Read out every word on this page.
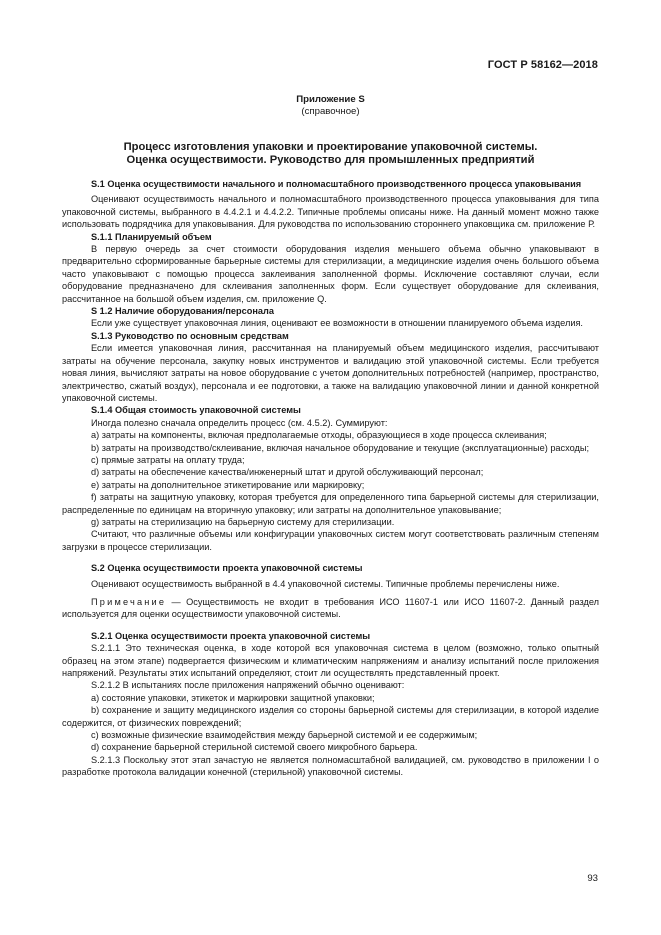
ГОСТ Р 58162—2018
Приложение S
(справочное)
Процесс изготовления упаковки и проектирование упаковочной системы.
Оценка осуществимости. Руководство для промышленных предприятий

S.1 Оценка осуществимости начального и полномасштабного производственного процесса упаковывания

Оценивают осуществимость начального и полномасштабного производственного процесса упаковывания для типа упаковочной системы, выбранного в 4.4.2.1 и 4.4.2.2. Типичные проблемы описаны ниже. На данный момент можно также использовать подрядчика для упаковывания. Для руководства по использованию стороннего упаковщика см. приложение Р.

S.1.1 Планируемый объем

В первую очередь за счет стоимости оборудования изделия меньшего объема обычно упаковывают в предварительно сформированные барьерные системы для стерилизации, а медицинские изделия очень большого объема часто упаковывают с помощью процесса заклеивания заполненной формы. Исключение составляют случаи, если оборудование предназначено для склеивания заполненных форм. Если существует оборудование для склеивания, рассчитанное на большой объем изделия, см. приложение Q.

S 1.2 Наличие оборудования/персонала

Если уже существует упаковочная линия, оценивают ее возможности в отношении планируемого объема изделия.

S.1.3 Руководство по основным средствам

Если имеется упаковочная линия, рассчитанная на планируемый объем медицинского изделия, рассчитывают затраты на обучение персонала, закупку новых инструментов и валидацию этой упаковочной системы. Если требуется новая линия, вычисляют затраты на новое оборудование с учетом дополнительных потребностей (например, пространство, электричество, сжатый воздух), персонала и ее подготовки, а также на валидацию упаковочной линии и данной конкретной упаковочной системы.

S.1.4 Общая стоимость упаковочной системы

Иногда полезно сначала определить процесс (см. 4.5.2). Суммируют:

a) затраты на компоненты, включая предполагаемые отходы, образующиеся в ходе процесса склеивания;

b) затраты на производство/склеивание, включая начальное оборудование и текущие (эксплуатационные) расходы;

c) прямые затраты на оплату труда;

d) затраты на обеспечение качества/инженерный штат и другой обслуживающий персонал;

e) затраты на дополнительное этикетирование или маркировку;

f) затраты на защитную упаковку, которая требуется для определенного типа барьерной системы для стерилизации, распределенные по единицам на вторичную упаковку; или затраты на дополнительное упаковывание;

g) затраты на стерилизацию на барьерную систему для стерилизации.

Считают, что различные объемы или конфигурации упаковочных систем могут соответствовать различным степеням загрузки в процессе стерилизации.

S.2 Оценка осуществимости проекта упаковочной системы

Оценивают осуществимость выбранной в 4.4 упаковочной системы. Типичные проблемы перечислены ниже.

Примечание — Осуществимость не входит в требования ИСО 11607-1 или ИСО 11607-2. Данный раздел используется для оценки осуществимости упаковочной системы.

S.2.1 Оценка осуществимости проекта упаковочной системы

S.2.1.1 Это техническая оценка, в ходе которой вся упаковочная система в целом (возможно, только опытный образец на этом этапе) подвергается физическим и климатическим напряжениям и анализу испытаний после приложения напряжений. Результаты этих испытаний определяют, стоит ли осуществлять представленный проект.

S.2.1.2 В испытаниях после приложения напряжений обычно оценивают:

a) состояние упаковки, этикеток и маркировки защитной упаковки;

b) сохранение и защиту медицинского изделия со стороны барьерной системы для стерилизации, в которой изделие содержится, от физических повреждений;

c) возможные физические взаимодействия между барьерной системой и ее содержимым;

d) сохранение барьерной стерильной системой своего микробного барьера.

S.2.1.3 Поскольку этот этап зачастую не является полномасштабной валидацией, см. руководство в приложении I о разработке протокола валидации конечной (стерильной) упаковочной системы.

93
